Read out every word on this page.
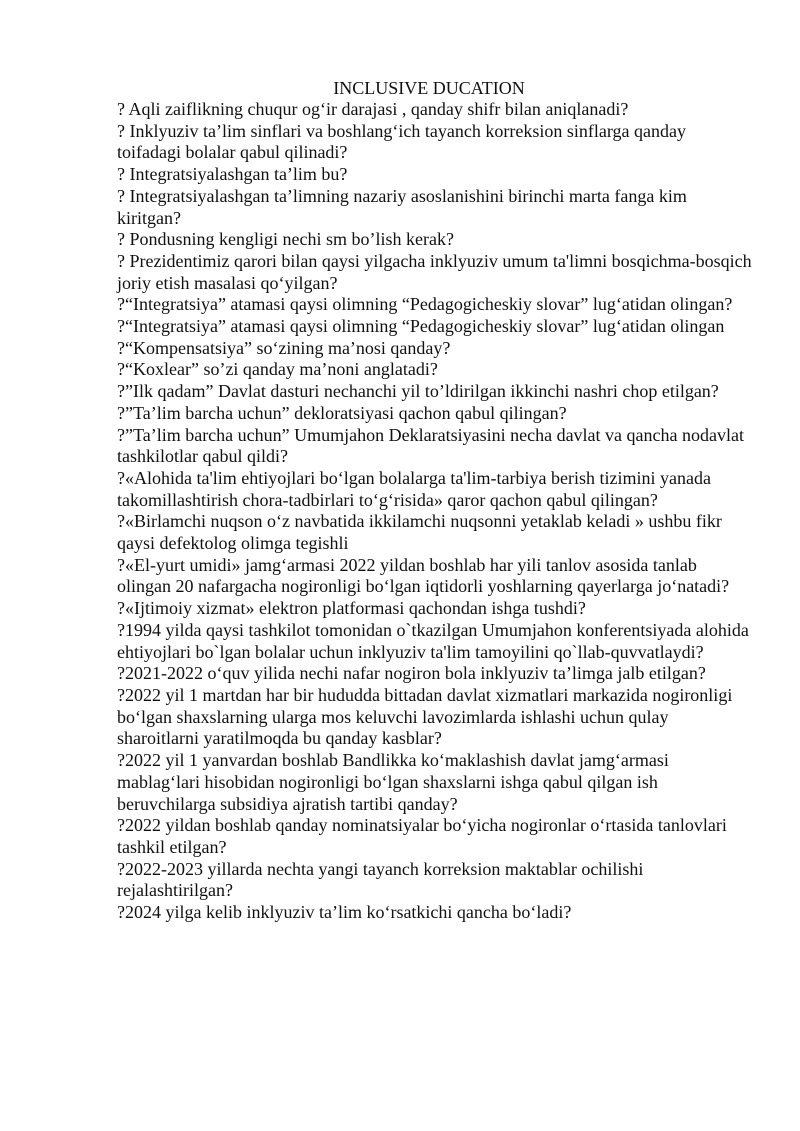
INCLUSIVE DUCATION
? Aqli zaiflikning chuqur og‘ir darajasi , qanday shifr bilan aniqlanadi?
? Inklyuziv ta’lim sinflari va boshlang‘ich tayanch korreksion sinflarga qanday toifadagi bolalar qabul qilinadi?
? Integratsiyalashgan ta’lim bu?
? Integratsiyalashgan ta’limning nazariy asoslanishini birinchi marta fanga kim kiritgan?
? Pondusning kengligi nechi sm bo’lish kerak?
? Prezidentimiz qarori bilan qaysi yilgacha inklyuziv umum ta'limni bosqichma-bosqich joriy etish masalasi qo‘yilgan?
?“Integratsiya” atamasi qaysi olimning “Pedagogicheskiy slovar” lug‘atidan olingan?
?“Integratsiya” atamasi qaysi olimning “Pedagogicheskiy slovar” lug‘atidan olingan
?“Kompensatsiya” so‘zining ma’nosi qanday?
?“Koxlear” so’zi qanday ma’noni anglatadi?
?”Ilk qadam” Davlat dasturi nechanchi yil to’ldirilgan ikkinchi nashri chop etilgan?
?”Ta’lim barcha uchun” dekloratsiyasi qachon qabul qilingan?
?”Ta’lim barcha uchun” Umumjahon Deklaratsiyasini necha davlat va qancha nodavlat tashkilotlar qabul qildi?
?«Alohida ta'lim ehtiyojlari bo‘lgan bolalarga ta'lim-tarbiya berish tizimini yanada takomillashtirish chora-tadbirlari to‘g‘risida» qaror qachon qabul qilingan?
?«Birlamchi nuqson o‘z navbatida ikkilamchi nuqsonni yetaklab keladi » ushbu fikr qaysi defektolog olimga tegishli
?«El-yurt umidi» jamg‘armasi 2022 yildan boshlab har yili tanlov asosida tanlab olingan 20 nafargacha nogironligi bo‘lgan iqtidorli yoshlarning qayerlarga jo‘natadi?
?«Ijtimoiy xizmat» elektron platformasi qachondan ishga tushdi?
?1994 yilda qaysi tashkilot tomonidan o`tkazilgan Umumjahon konferentsiyada alohida ehtiyojlari bo`lgan bolalar uchun inklyuziv ta'lim tamoyilini qo`llab-quvvatlaydi?
?2021-2022 o‘quv yilida nechi nafar nogiron bola inklyuziv ta’limga jalb etilgan?
?2022 yil 1 martdan har bir hududda bittadan davlat xizmatlari markazida nogironligi bo‘lgan shaxslarning ularga mos keluvchi lavozimlarda ishlashi uchun qulay sharoitlarni yaratilmoqda bu qanday kasblar?
?2022 yil 1 yanvardan boshlab Bandlikka ko‘maklashish davlat jamg‘armasi mablag‘lari hisobidan nogironligi bo‘lgan shaxslarni ishga qabul qilgan ish beruvchilarga subsidiya ajratish tartibi qanday?
?2022 yildan boshlab qanday nominatsiyalar bo‘yicha nogironlar o‘rtasida tanlovlari tashkil etilgan?
?2022-2023 yillarda nechta yangi tayanch korreksion maktablar ochilishi rejalashtirilgan?
?2024 yilga kelib inklyuziv ta’lim ko‘rsatkichi qancha bo‘ladi?
